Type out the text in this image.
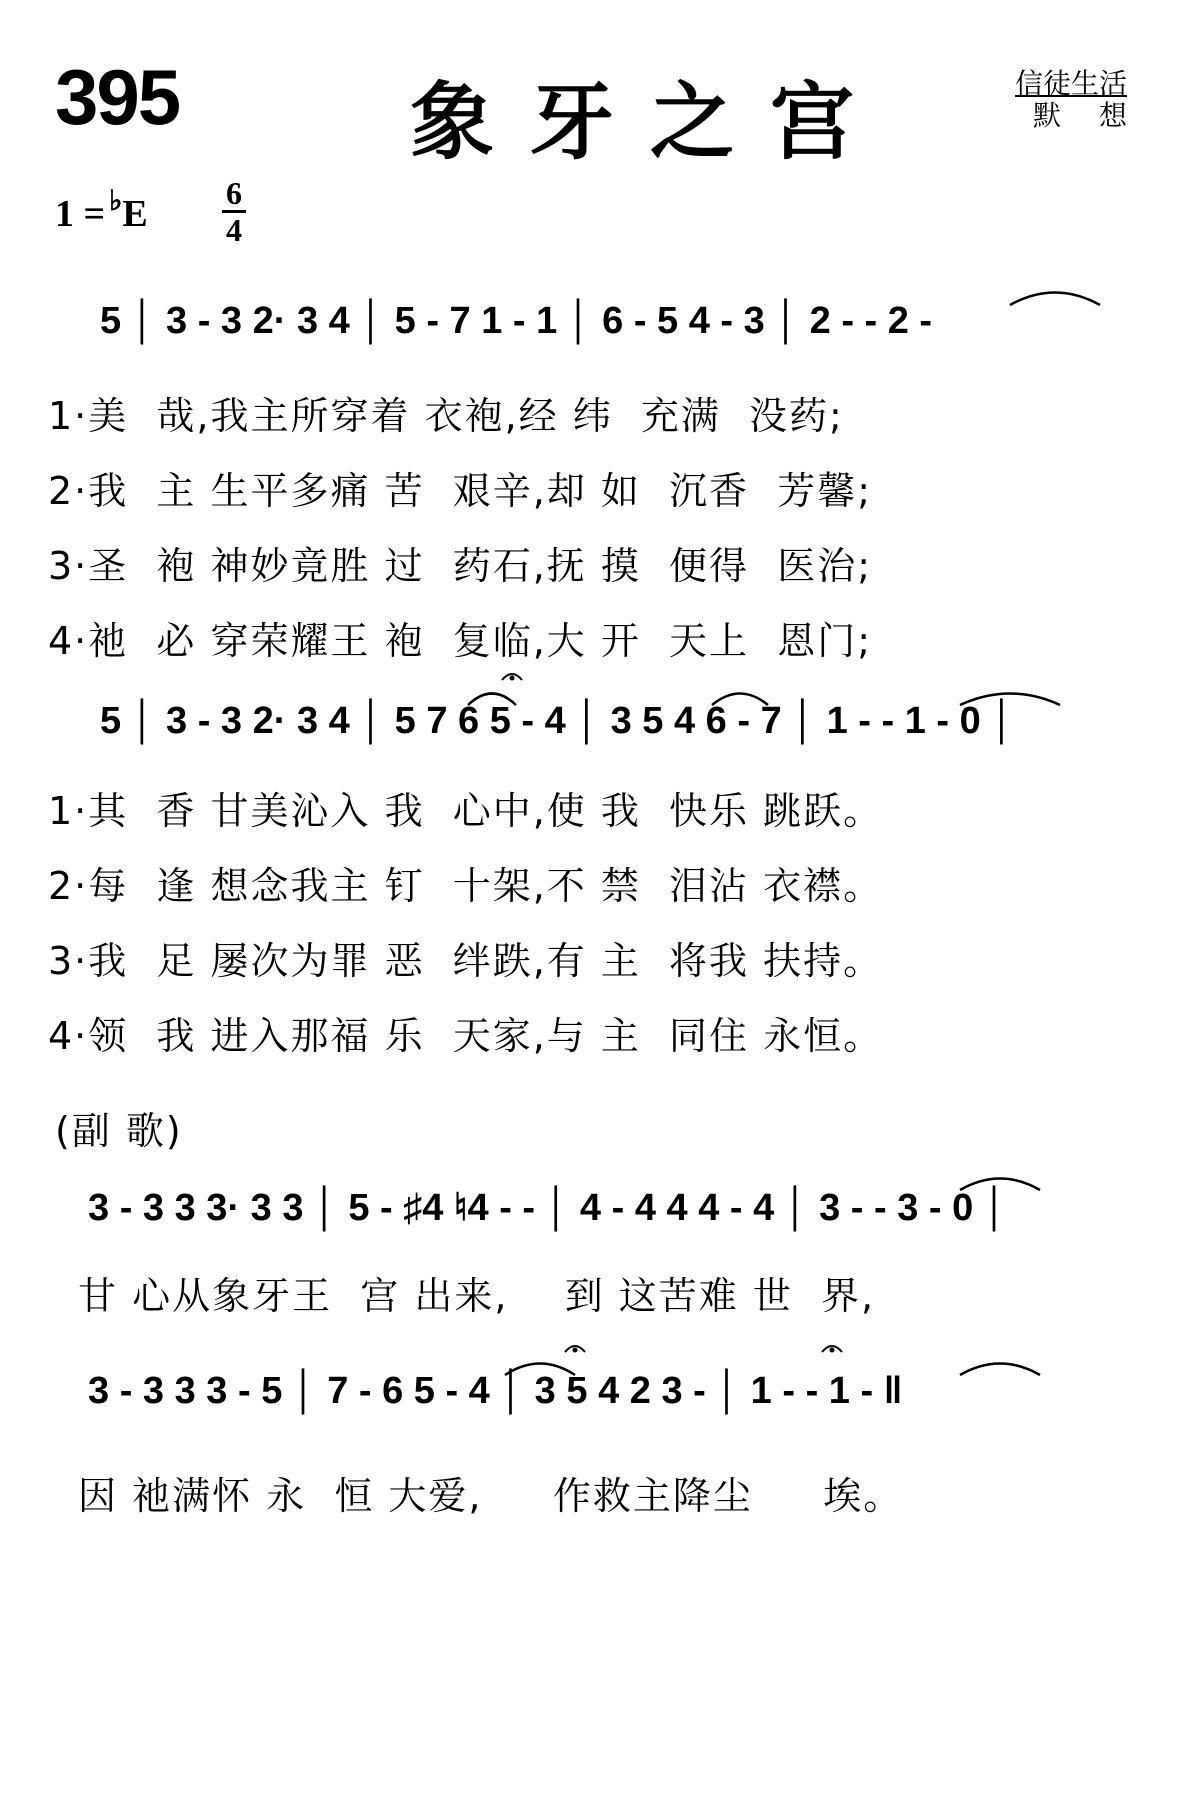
395	象牙之宫	信徒生活
默想
1 = ♭E 6
4
5 │ 3 - 3 2· 3 4 │ 5 - 7 1 - 1 │ 6 - 5 4 - 3 │ 2 - - 2 -
1·美  哉,我主所穿着 衣袍,经 纬  充满  没药;
2·我  主 生平多痛 苦  艰辛,却 如  沉香  芳馨;
3·圣  袍 神妙竟胜 过  药石,抚 摸  便得  医治;
4·祂  必 穿荣耀王 袍  复临,大 开  天上  恩门;
5 │ 3 - 3 2· 3 4 │ 5 7 6 5 - 4 │ 3 5 4 6 - 7 │ 1 - - 1 - 0 │
1·其  香 甘美沁入 我  心中,使 我  快乐 跳跃。
2·每  逢 想念我主 钉  十架,不 禁  泪沾 衣襟。
3·我  足 屡次为罪 恶  绊跌,有 主  将我 扶持。
4·领  我 进入那福 乐  天家,与 主  同住 永恒。
(副 歌)
3 - 3 3 3· 3 3 │ 5 - ♯4 ♮4 - - │ 4 - 4 4 4 - 4 │ 3 - - 3 - 0 │
甘 心从象牙王  宫 出来,    到 这苦难 世  界,
3 - 3 3 3 - 5 │ 7 - 6 5 - 4 │ 3 5 4 2 3 - │ 1 - - 1 - ‖
因 祂满怀 永  恒 大爱,     作救主降尘     埃。
